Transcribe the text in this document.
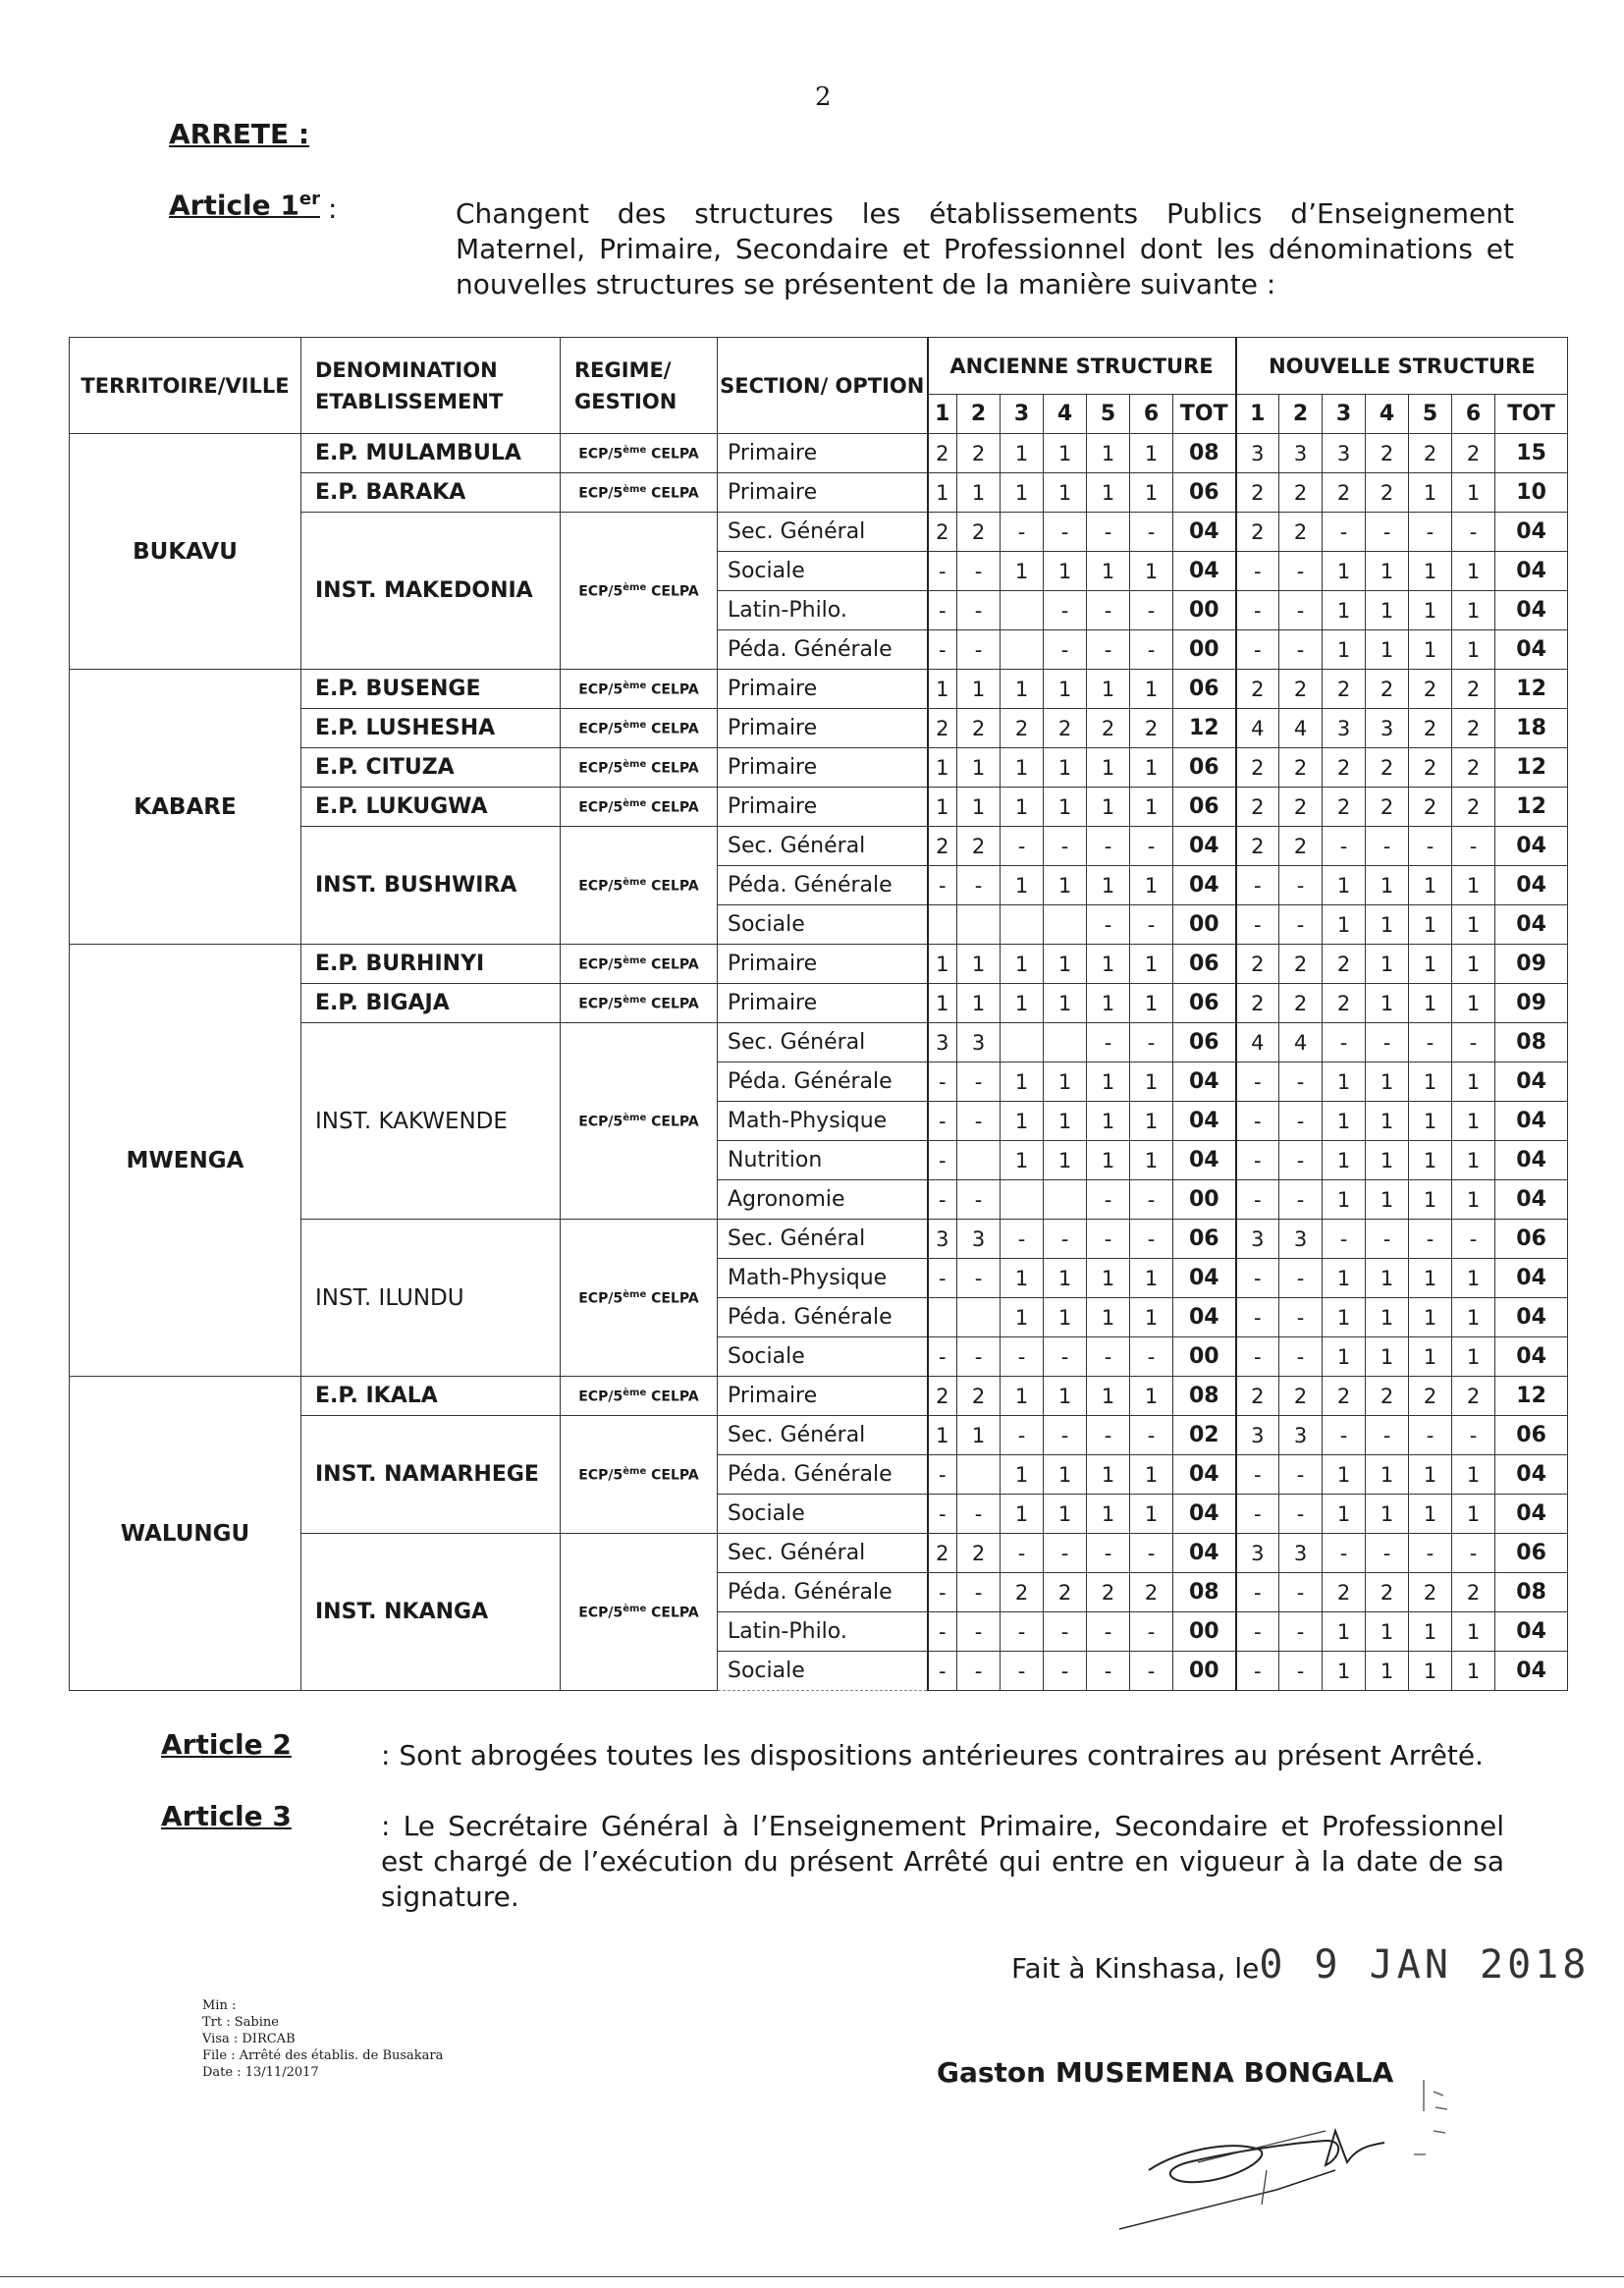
2
ARRETE :
Article 1er :	Changent des structures les établissements Publics d’Enseignement Maternel, Primaire, Secondaire et Professionnel dont les dénominations et nouvelles structures se présentent de la manière suivante :
TERRITOIRE/VILLE	DENOMINATION ETABLISSEMENT	REGIME/ GESTION	SECTION/ OPTION	ANCIENNE STRUCTURE							NOUVELLE STRUCTURE						
				1	2	3	4	5	6	TOT	1	2	3	4	5	6	TOT
BUKAVU	E.P. MULAMBULA	ECP/5ème CELPA	Primaire	2	2	1	1	1	1	08	3	3	3	2	2	2	15
	E.P. BARAKA	ECP/5ème CELPA	Primaire	1	1	1	1	1	1	06	2	2	2	2	1	1	10
	INST. MAKEDONIA	ECP/5ème CELPA	Sec. Général	2	2	-	-	-	-	04	2	2	-	-	-	-	04
			Sociale	-	-	1	1	1	1	04	-	-	1	1	1	1	04
			Latin-Philo.	-	-		-	-	-	00	-	-	1	1	1	1	04
			Péda. Générale	-	-		-	-	-	00	-	-	1	1	1	1	04
KABARE	E.P. BUSENGE	ECP/5ème CELPA	Primaire	1	1	1	1	1	1	06	2	2	2	2	2	2	12
	E.P. LUSHESHA	ECP/5ème CELPA	Primaire	2	2	2	2	2	2	12	4	4	3	3	2	2	18
	E.P. CITUZA	ECP/5ème CELPA	Primaire	1	1	1	1	1	1	06	2	2	2	2	2	2	12
	E.P. LUKUGWA	ECP/5ème CELPA	Primaire	1	1	1	1	1	1	06	2	2	2	2	2	2	12
	INST. BUSHWIRA	ECP/5ème CELPA	Sec. Général	2	2	-	-	-	-	04	2	2	-	-	-	-	04
			Péda. Générale	-	-	1	1	1	1	04	-	-	1	1	1	1	04
			Sociale					-	-	00	-	-	1	1	1	1	04
MWENGA	E.P. BURHINYI	ECP/5ème CELPA	Primaire	1	1	1	1	1	1	06	2	2	2	1	1	1	09
	E.P. BIGAJA	ECP/5ème CELPA	Primaire	1	1	1	1	1	1	06	2	2	2	1	1	1	09
	INST. KAKWENDE	ECP/5ème CELPA	Sec. Général	3	3			-	-	06	4	4	-	-	-	-	08
			Péda. Générale	-	-	1	1	1	1	04	-	-	1	1	1	1	04
			Math-Physique	-	-	1	1	1	1	04	-	-	1	1	1	1	04
			Nutrition	-		1	1	1	1	04	-	-	1	1	1	1	04
			Agronomie	-	-			-	-	00	-	-	1	1	1	1	04
	INST. ILUNDU	ECP/5ème CELPA	Sec. Général	3	3	-	-	-	-	06	3	3	-	-	-	-	06
			Math-Physique	-	-	1	1	1	1	04	-	-	1	1	1	1	04
			Péda. Générale			1	1	1	1	04	-	-	1	1	1	1	04
			Sociale	-	-	-	-	-	-	00	-	-	1	1	1	1	04
WALUNGU	E.P. IKALA	ECP/5ème CELPA	Primaire	2	2	1	1	1	1	08	2	2	2	2	2	2	12
	INST. NAMARHEGE	ECP/5ème CELPA	Sec. Général	1	1	-	-	-	-	02	3	3	-	-	-	-	06
			Péda. Générale	-		1	1	1	1	04	-	-	1	1	1	1	04
			Sociale	-	-	1	1	1	1	04	-	-	1	1	1	1	04
	INST. NKANGA	ECP/5ème CELPA	Sec. Général	2	2	-	-	-	-	04	3	3	-	-	-	-	06
			Péda. Générale	-	-	2	2	2	2	08	-	-	2	2	2	2	08
			Latin-Philo.	-	-	-	-	-	-	00	-	-	1	1	1	1	04
			Sociale	-	-	-	-	-	-	00	-	-	1	1	1	1	04
Article 2	: Sont abrogées toutes les dispositions antérieures contraires au présent Arrêté.
Article 3	: Le Secrétaire Général à l’Enseignement Primaire, Secondaire et Professionnel est chargé de l’exécution du présent Arrêté qui entre en vigueur à la date de sa signature.
Fait à Kinshasa, le0 9 JAN 2018
Min :
Trt : Sabine
Visa : DIRCAB
File : Arrêté des établis. de Busakara
Date : 13/11/2017	Gaston MUSEMENA BONGALA
